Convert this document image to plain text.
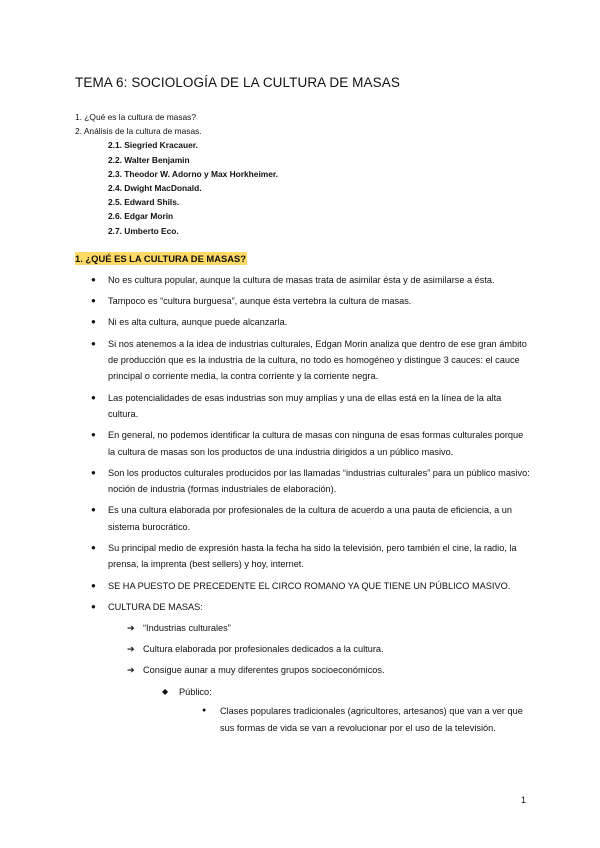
TEMA 6: SOCIOLOGÍA DE LA CULTURA DE MASAS
1. ¿Qué es la cultura de masas?
2. Análisis de la cultura de masas.
2.1. Siegried Kracauer.
2.2. Walter Benjamin
2.3. Theodor W. Adorno y Max Horkheimer.
2.4. Dwight MacDonald.
2.5. Edward Shils.
2.6. Edgar Morin
2.7. Umberto Eco.
1. ¿QUÉ ES LA CULTURA DE MASAS?
● No es cultura popular, aunque la cultura de masas trata de asimilar ésta y de asimilarse a ésta.
● Tampoco es “cultura burguesa”, aunque ésta vertebra la cultura de masas.
● Ni es alta cultura, aunque puede alcanzarla.
● Si nos atenemos a la idea de industrias culturales, Edgan Morin analiza que dentro de ese gran ámbito de producción que es la industria de la cultura, no todo es homogéneo y distingue 3 cauces: el cauce principal o corriente media, la contra corriente y la corriente negra.
● Las potencialidades de esas industrias son muy amplias y una de ellas está en la línea de la alta cultura.
● En general, no podemos identificar la cultura de masas con ninguna de esas formas culturales porque la cultura de masas son los productos de una industria dirigidos a un público masivo.
● Son los productos culturales producidos por las llamadas “industrias culturales” para un público masivo: noción de industria (formas industriales de elaboración).
● Es una cultura elaborada por profesionales de la cultura de acuerdo a una pauta de eficiencia, a un sistema burocrático.
● Su principal medio de expresión hasta la fecha ha sido la televisión, pero también el cine, la radio, la prensa, la imprenta (best sellers) y hoy, internet.
● SE HA PUESTO DE PRECEDENTE EL CIRCO ROMANO YA QUE TIENE UN PÚBLICO MASIVO.
● CULTURA DE MASAS:
➔ “Industrias culturales”
➔ Cultura elaborada por profesionales dedicados a la cultura.
➔ Consigue aunar a muy diferentes grupos socioeconómicos.
◆ Público:
● Clases populares tradicionales (agricultores, artesanos) que van a ver que sus formas de vida se van a revolucionar por el uso de la televisión.
1
